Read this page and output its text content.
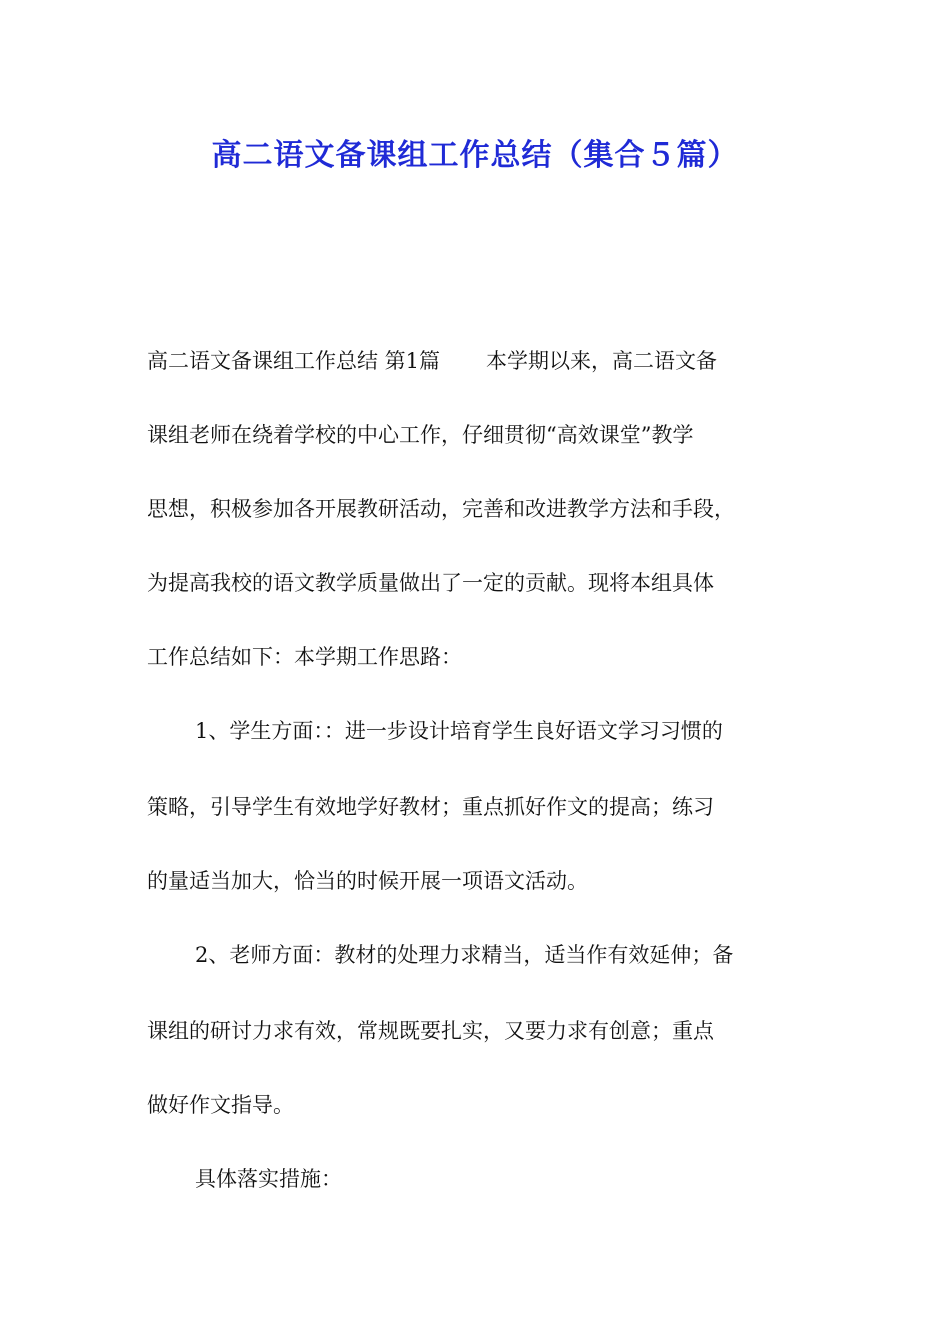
高二语文备课组工作总结（集合５篇）
高二语文备课组工作总结 第1篇 本学期以来，高二语文备
课组老师在绕着学校的中心工作，仔细贯彻“高效课堂”教学
思想，积极参加各开展教研活动，完善和改进教学方法和手段，
为提高我校的语文教学质量做出了一定的贡献。现将本组具体
工作总结如下：本学期工作思路：
1、学生方面：：进一步设计培育学生良好语文学习习惯的
策略，引导学生有效地学好教材；重点抓好作文的提高；练习
的量适当加大，恰当的时候开展一项语文活动。
2、老师方面：教材的处理力求精当，适当作有效延伸；备
课组的研讨力求有效，常规既要扎实，又要力求有创意；重点
做好作文指导。
具体落实措施：
